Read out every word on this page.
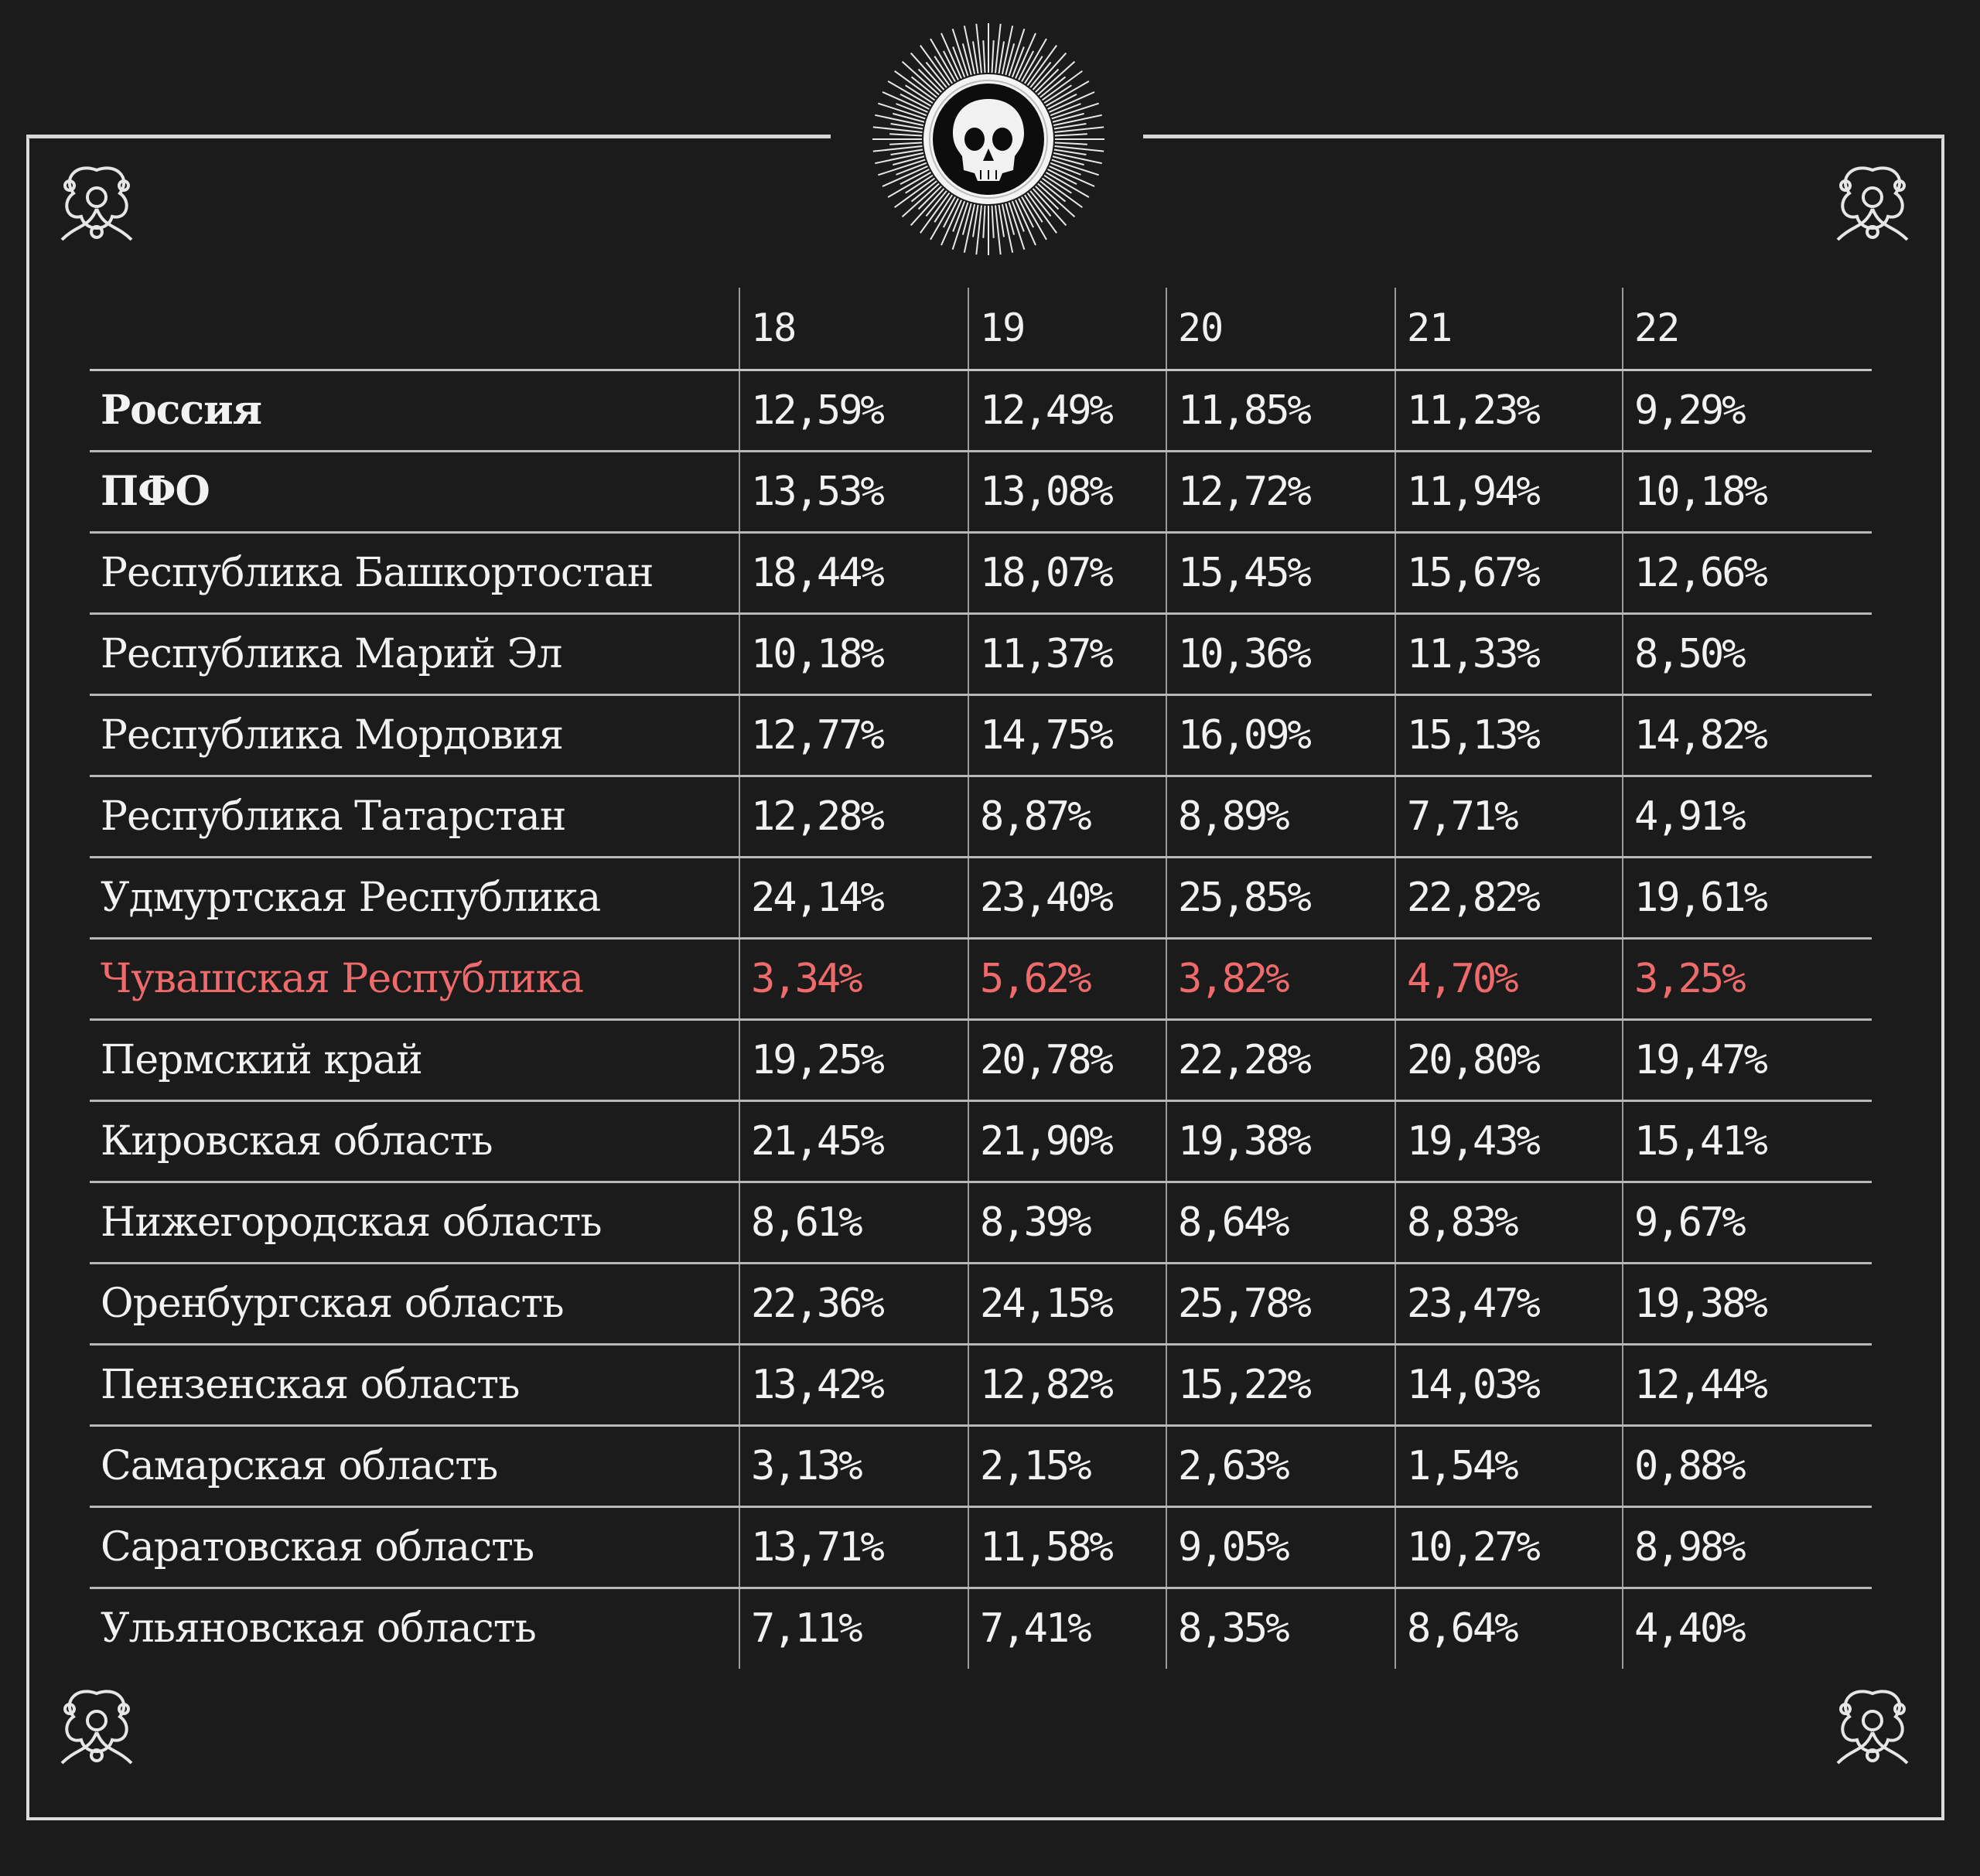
	18	19	20	21	22
Россия	12,59%	12,49%	11,85%	11,23%	9,29%
ПФО	13,53%	13,08%	12,72%	11,94%	10,18%
Республика Башкортостан	18,44%	18,07%	15,45%	15,67%	12,66%
Республика Марий Эл	10,18%	11,37%	10,36%	11,33%	8,50%
Республика Мордовия	12,77%	14,75%	16,09%	15,13%	14,82%
Республика Татарстан	12,28%	8,87%	8,89%	7,71%	4,91%
Удмуртская Республика	24,14%	23,40%	25,85%	22,82%	19,61%
Чувашская Республика	3,34%	5,62%	3,82%	4,70%	3,25%
Пермский край	19,25%	20,78%	22,28%	20,80%	19,47%
Кировская область	21,45%	21,90%	19,38%	19,43%	15,41%
Нижегородская область	8,61%	8,39%	8,64%	8,83%	9,67%
Оренбургская область	22,36%	24,15%	25,78%	23,47%	19,38%
Пензенская область	13,42%	12,82%	15,22%	14,03%	12,44%
Самарская область	3,13%	2,15%	2,63%	1,54%	0,88%
Саратовская область	13,71%	11,58%	9,05%	10,27%	8,98%
Ульяновская область	7,11%	7,41%	8,35%	8,64%	4,40%
